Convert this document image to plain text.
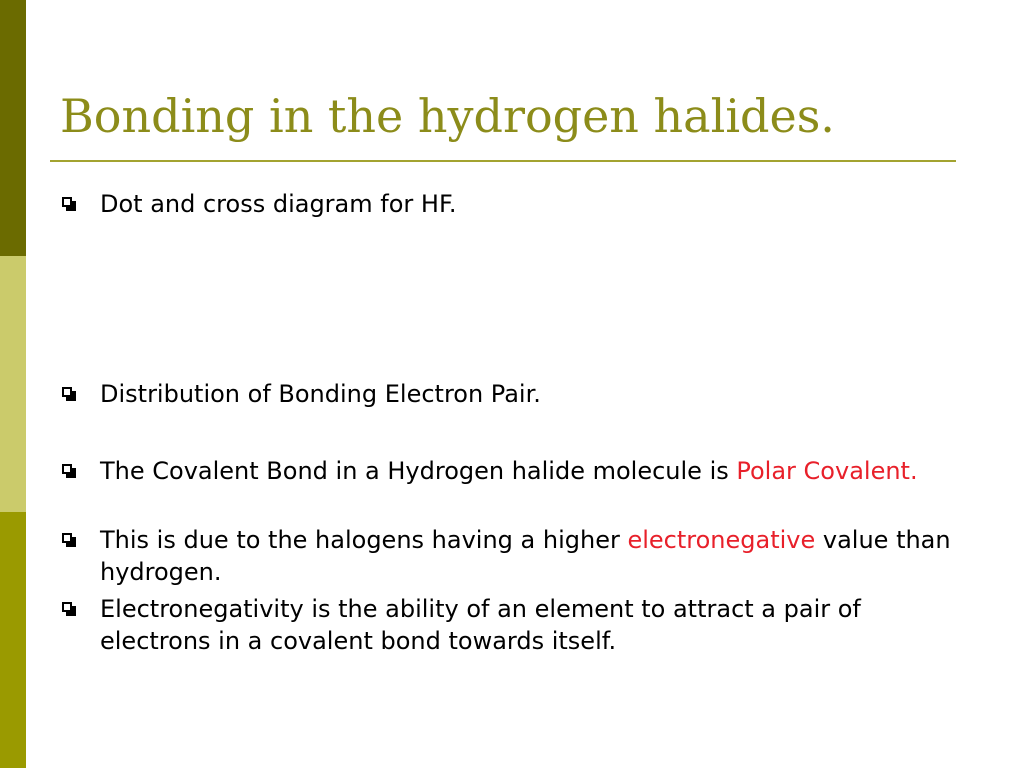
Bonding in the hydrogen halides.
Dot and cross diagram for HF.
Distribution of Bonding Electron Pair.
The Covalent Bond in a Hydrogen halide molecule is Polar Covalent.
This is due to the halogens having a higher electronegative value than hydrogen.
Electronegativity is the ability of an element to attract a pair of electrons in a covalent bond towards itself.
